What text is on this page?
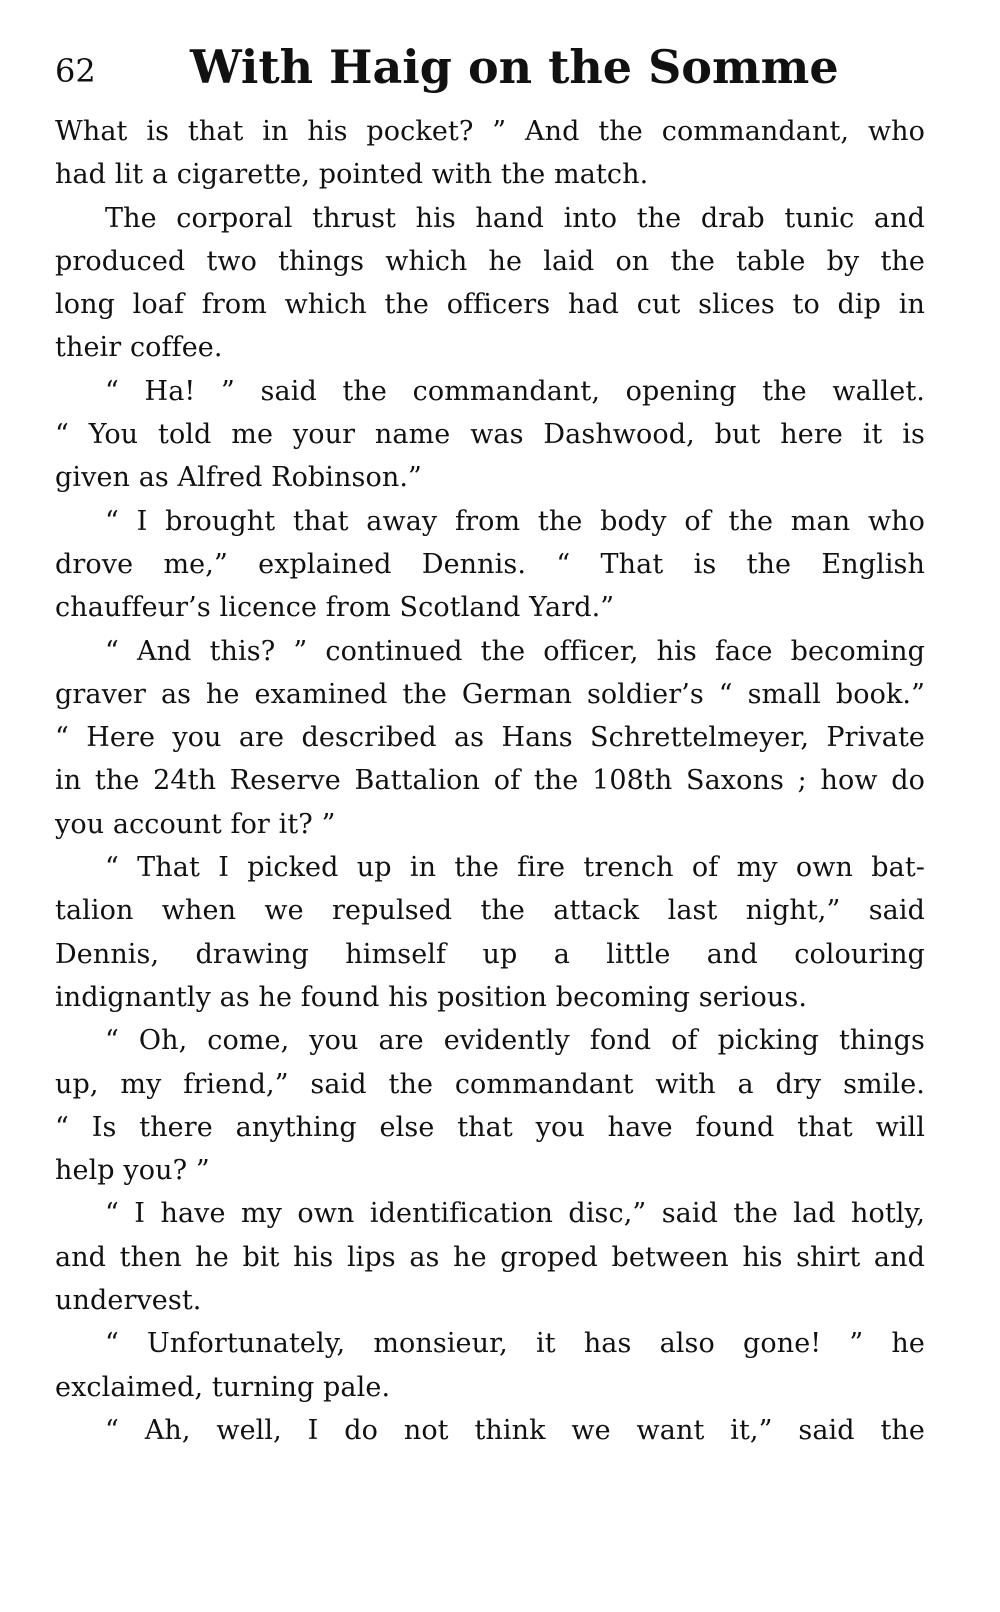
62 With Haig on the Somme
What is that in his pocket? ” And the commandant, who
had lit a cigarette, pointed with the match.
The corporal thrust his hand into the drab tunic and
produced two things which he laid on the table by the
long loaf from which the officers had cut slices to dip in
their coffee.
“ Ha! ” said the commandant, opening the wallet.
“ You told me your name was Dashwood, but here it is
given as Alfred Robinson.”
“ I brought that away from the body of the man who
drove me,” explained Dennis. “ That is the English
chauffeur’s licence from Scotland Yard.”
“ And this? ” continued the officer, his face becoming
graver as he examined the German soldier’s “ small book.”
“ Here you are described as Hans Schrettelmeyer, Private
in the 24th Reserve Battalion of the 108th Saxons ; how do
you account for it? ”
“ That I picked up in the fire trench of my own bat-
talion when we repulsed the attack last night,” said
Dennis, drawing himself up a little and colouring
indignantly as he found his position becoming serious.
“ Oh, come, you are evidently fond of picking things
up, my friend,” said the commandant with a dry smile.
“ Is there anything else that you have found that will
help you? ”
“ I have my own identification disc,” said the lad hotly,
and then he bit his lips as he groped between his shirt and
undervest.
“ Unfortunately, monsieur, it has also gone! ” he
exclaimed, turning pale.
“ Ah, well, I do not think we want it,” said the
